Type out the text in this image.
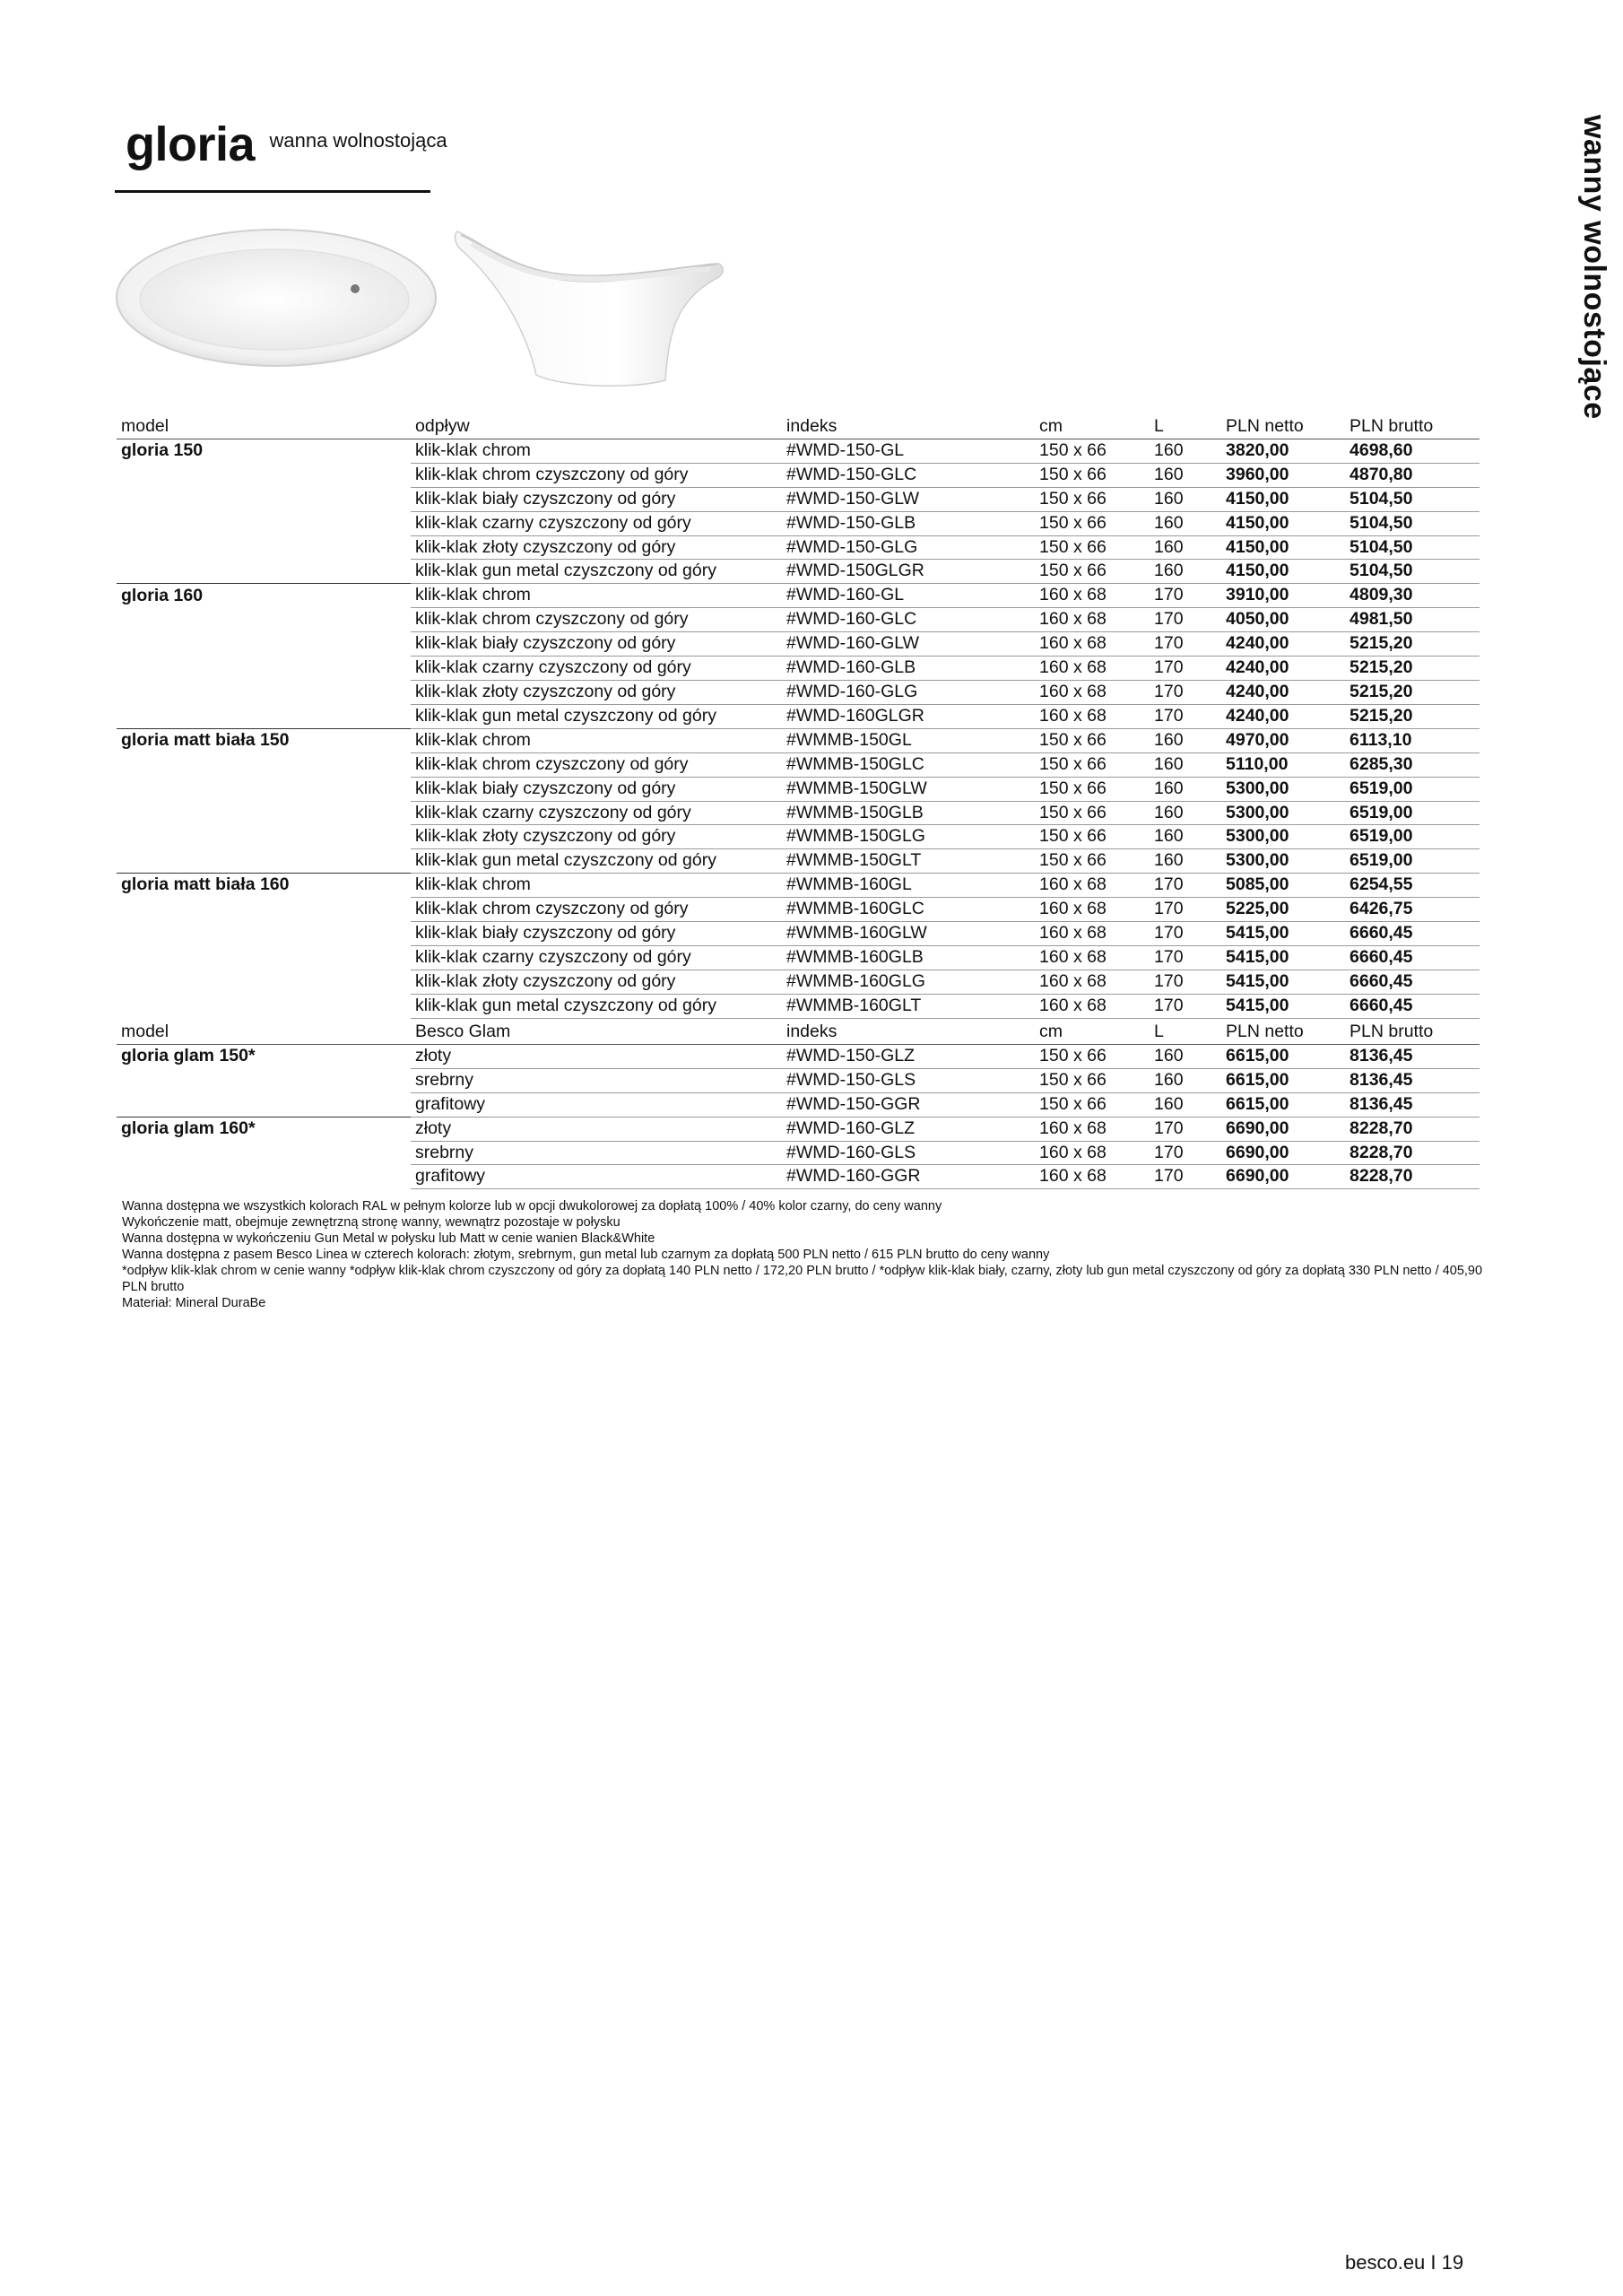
gloria wanna wolnostojąca	wanny wolnostojące
model	odpływ	indeks	cm	L	PLN netto	PLN brutto
gloria 150	klik-klak chrom	#WMD-150-GL	150 x 66	160	3820,00	4698,60
	klik-klak chrom czyszczony od góry	#WMD-150-GLC	150 x 66	160	3960,00	4870,80
	klik-klak biały czyszczony od góry	#WMD-150-GLW	150 x 66	160	4150,00	5104,50
	klik-klak czarny czyszczony od góry	#WMD-150-GLB	150 x 66	160	4150,00	5104,50
	klik-klak złoty czyszczony od góry	#WMD-150-GLG	150 x 66	160	4150,00	5104,50
	klik-klak gun metal czyszczony od góry	#WMD-150GLGR	150 x 66	160	4150,00	5104,50
gloria 160	klik-klak chrom	#WMD-160-GL	160 x 68	170	3910,00	4809,30
	klik-klak chrom czyszczony od góry	#WMD-160-GLC	160 x 68	170	4050,00	4981,50
	klik-klak biały czyszczony od góry	#WMD-160-GLW	160 x 68	170	4240,00	5215,20
	klik-klak czarny czyszczony od góry	#WMD-160-GLB	160 x 68	170	4240,00	5215,20
	klik-klak złoty czyszczony od góry	#WMD-160-GLG	160 x 68	170	4240,00	5215,20
	klik-klak gun metal czyszczony od góry	#WMD-160GLGR	160 x 68	170	4240,00	5215,20
gloria matt biała 150	klik-klak chrom	#WMMB-150GL	150 x 66	160	4970,00	6113,10
	klik-klak chrom czyszczony od góry	#WMMB-150GLC	150 x 66	160	5110,00	6285,30
	klik-klak biały czyszczony od góry	#WMMB-150GLW	150 x 66	160	5300,00	6519,00
	klik-klak czarny czyszczony od góry	#WMMB-150GLB	150 x 66	160	5300,00	6519,00
	klik-klak złoty czyszczony od góry	#WMMB-150GLG	150 x 66	160	5300,00	6519,00
	klik-klak gun metal czyszczony od góry	#WMMB-150GLT	150 x 66	160	5300,00	6519,00
gloria matt biała 160	klik-klak chrom	#WMMB-160GL	160 x 68	170	5085,00	6254,55
	klik-klak chrom czyszczony od góry	#WMMB-160GLC	160 x 68	170	5225,00	6426,75
	klik-klak biały czyszczony od góry	#WMMB-160GLW	160 x 68	170	5415,00	6660,45
	klik-klak czarny czyszczony od góry	#WMMB-160GLB	160 x 68	170	5415,00	6660,45
	klik-klak złoty czyszczony od góry	#WMMB-160GLG	160 x 68	170	5415,00	6660,45
	klik-klak gun metal czyszczony od góry	#WMMB-160GLT	160 x 68	170	5415,00	6660,45
model	Besco Glam	indeks	cm	L	PLN netto	PLN brutto
gloria glam 150*	złoty	#WMD-150-GLZ	150 x 66	160	6615,00	8136,45
	srebrny	#WMD-150-GLS	150 x 66	160	6615,00	8136,45
	grafitowy	#WMD-150-GGR	150 x 66	160	6615,00	8136,45
gloria glam 160*	złoty	#WMD-160-GLZ	160 x 68	170	6690,00	8228,70
	srebrny	#WMD-160-GLS	160 x 68	170	6690,00	8228,70
	grafitowy	#WMD-160-GGR	160 x 68	170	6690,00	8228,70
Wanna dostępna we wszystkich kolorach RAL w pełnym kolorze lub w opcji dwukolorowej za dopłatą 100% / 40% kolor czarny, do ceny wanny
Wykończenie matt, obejmuje zewnętrzną stronę wanny, wewnątrz pozostaje w połysku
Wanna dostępna w wykończeniu Gun Metal w połysku lub Matt w cenie wanien Black&White
Wanna dostępna z pasem Besco Linea w czterech kolorach: złotym, srebrnym, gun metal lub czarnym za dopłatą 500 PLN netto / 615 PLN brutto do ceny wanny
*odpływ klik-klak chrom w cenie wanny *odpływ klik-klak chrom czyszczony od góry za dopłatą 140 PLN netto / 172,20 PLN brutto / *odpływ klik-klak biały, czarny, złoty lub gun metal czyszczony od góry za dopłatą 330 PLN netto / 405,90 PLN brutto
Materiał: Mineral DuraBe
besco.eu I 19
